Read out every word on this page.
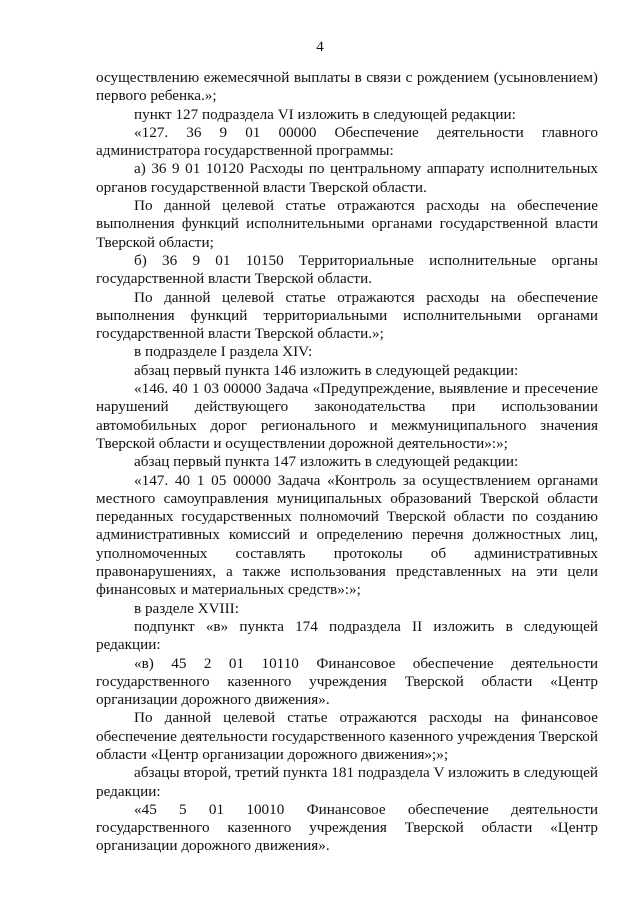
4

осуществлению ежемесячной выплаты в связи с рождением (усыновлением) первого ребенка.»;

пункт 127 подраздела VI изложить в следующей редакции:

«127. 36 9 01 00000 Обеспечение деятельности главного администратора государственной программы:

а) 36 9 01 10120 Расходы по центральному аппарату исполнительных органов государственной власти Тверской области.

По данной целевой статье отражаются расходы на обеспечение выполнения функций исполнительными органами государственной власти Тверской области;

б) 36 9 01 10150 Территориальные исполнительные органы государственной власти Тверской области.

По данной целевой статье отражаются расходы на обеспечение выполнения функций территориальными исполнительными органами государственной власти Тверской области.»;

в подразделе I раздела XIV:

абзац первый пункта 146 изложить в следующей редакции:

«146. 40 1 03 00000 Задача «Предупреждение, выявление и пресечение нарушений действующего законодательства при использовании автомобильных дорог регионального и межмуниципального значения Тверской области и осуществлении дорожной деятельности»:»;

абзац первый пункта 147 изложить в следующей редакции:

«147. 40 1 05 00000 Задача «Контроль за осуществлением органами местного самоуправления муниципальных образований Тверской области переданных государственных полномочий Тверской области по созданию административных комиссий и определению перечня должностных лиц, уполномоченных составлять протоколы об административных правонарушениях, а также использования представленных на эти цели финансовых и материальных средств»:»;

в разделе XVIII:

подпункт «в» пункта 174 подраздела II изложить в следующей редакции:

«в) 45 2 01 10110 Финансовое обеспечение деятельности государственного казенного учреждения Тверской области «Центр организации дорожного движения».

По данной целевой статье отражаются расходы на финансовое обеспечение деятельности государственного казенного учреждения Тверской области «Центр организации дорожного движения»;»;

абзацы второй, третий пункта 181 подраздела V изложить в следующей редакции:

«45 5 01 10010 Финансовое обеспечение деятельности государственного казенного учреждения Тверской области «Центр организации дорожного движения».
